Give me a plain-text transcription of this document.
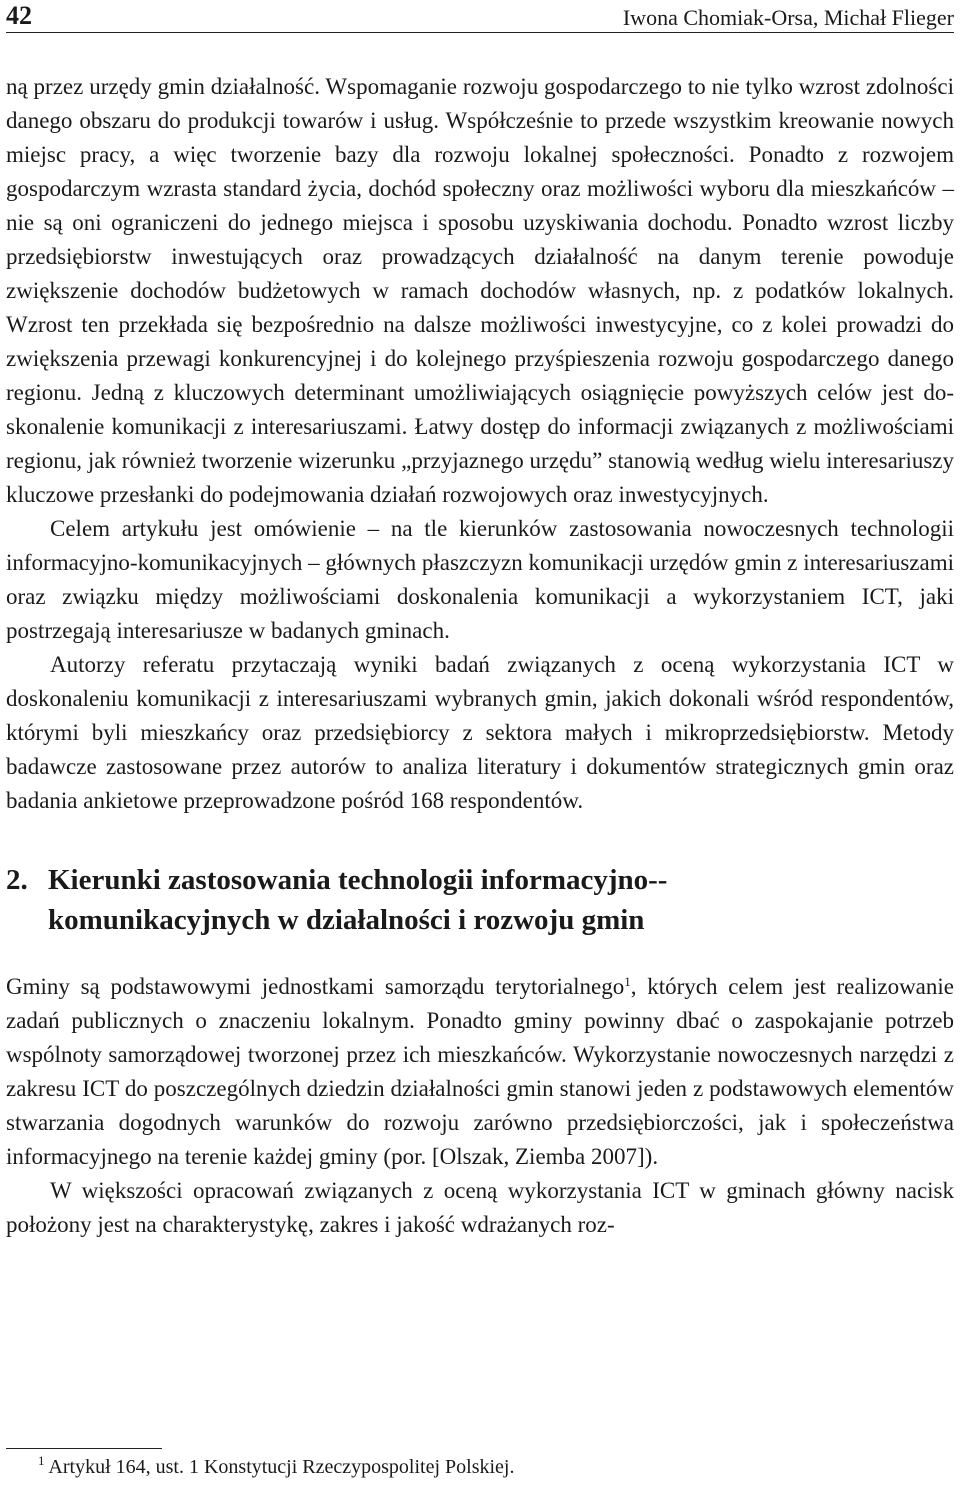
42	Iwona Chomiak-Orsa, Michał Flieger

ną przez urzędy gmin działalność. Wspomaganie rozwoju gospodarczego to nie tylko wzrost zdolności danego obszaru do produkcji towarów i usług. Współcześnie to przede wszystkim kreowanie nowych miejsc pracy, a więc tworzenie bazy dla rozwoju lokalnej społeczności. Ponadto z rozwojem gospodarczym wzrasta standard życia, dochód społeczny oraz możliwości wyboru dla mieszkańców – nie są oni ograniczeni do jednego miejsca i sposobu uzyskiwania dochodu. Ponadto wzrost liczby przedsiębiorstw inwestujących oraz prowadzących działalność na danym terenie powoduje zwiększenie dochodów budżetowych w ramach dochodów własnych, np. z podatków lokalnych. Wzrost ten przekłada się bezpośrednio na dalsze możliwości inwestycyjne, co z kolei prowadzi do zwiększenia przewagi konkurencyjnej i do kolejnego przyśpieszenia rozwoju gospodarczego danego regionu. Jedną z kluczowych determinant umożliwiających osiągnięcie powyższych celów jest doskonalenie komunikacji z interesariuszami. Łatwy dostęp do informacji związanych z możliwościami regionu, jak również tworzenie wizerunku „przyjaznego urzędu” stanowią według wielu interesariuszy kluczowe przesłanki do podejmowania działań rozwojowych oraz inwestycyjnych.

Celem artykułu jest omówienie – na tle kierunków zastosowania nowoczesnych technologii informacyjno-komunikacyjnych – głównych płaszczyzn komunikacji urzędów gmin z interesariuszami oraz związku między możliwościami doskonalenia komunikacji a wykorzystaniem ICT, jaki postrzegają interesariusze w badanych gminach.

Autorzy referatu przytaczają wyniki badań związanych z oceną wykorzystania ICT w doskonaleniu komunikacji z interesariuszami wybranych gmin, jakich dokonali wśród respondentów, którymi byli mieszkańcy oraz przedsiębiorcy z sektora małych i mikroprzedsiębiorstw. Metody badawcze zastosowane przez autorów to analiza literatury i dokumentów strategicznych gmin oraz badania ankietowe przeprowadzone pośród 168 respondentów.

2. Kierunki zastosowania technologii informacyjno--komunikacyjnych w działalności i rozwoju gmin

Gminy są podstawowymi jednostkami samorządu terytorialnego$^1$, których celem jest realizowanie zadań publicznych o znaczeniu lokalnym. Ponadto gminy powinny dbać o zaspokajanie potrzeb wspólnoty samorządowej tworzonej przez ich mieszkańców. Wykorzystanie nowoczesnych narzędzi z zakresu ICT do poszczególnych dziedzin działalności gmin stanowi jeden z podstawowych elementów stwarzania dogodnych warunków do rozwoju zarówno przedsiębiorczości, jak i społeczeństwa informacyjnego na terenie każdej gminy (por. [Olszak, Ziemba 2007]).

W większości opracowań związanych z oceną wykorzystania ICT w gminach główny nacisk położony jest na charakterystykę, zakres i jakość wdrażanych roz-

$^1$ Artykuł 164, ust. 1 Konstytucji Rzeczypospolitej Polskiej.
